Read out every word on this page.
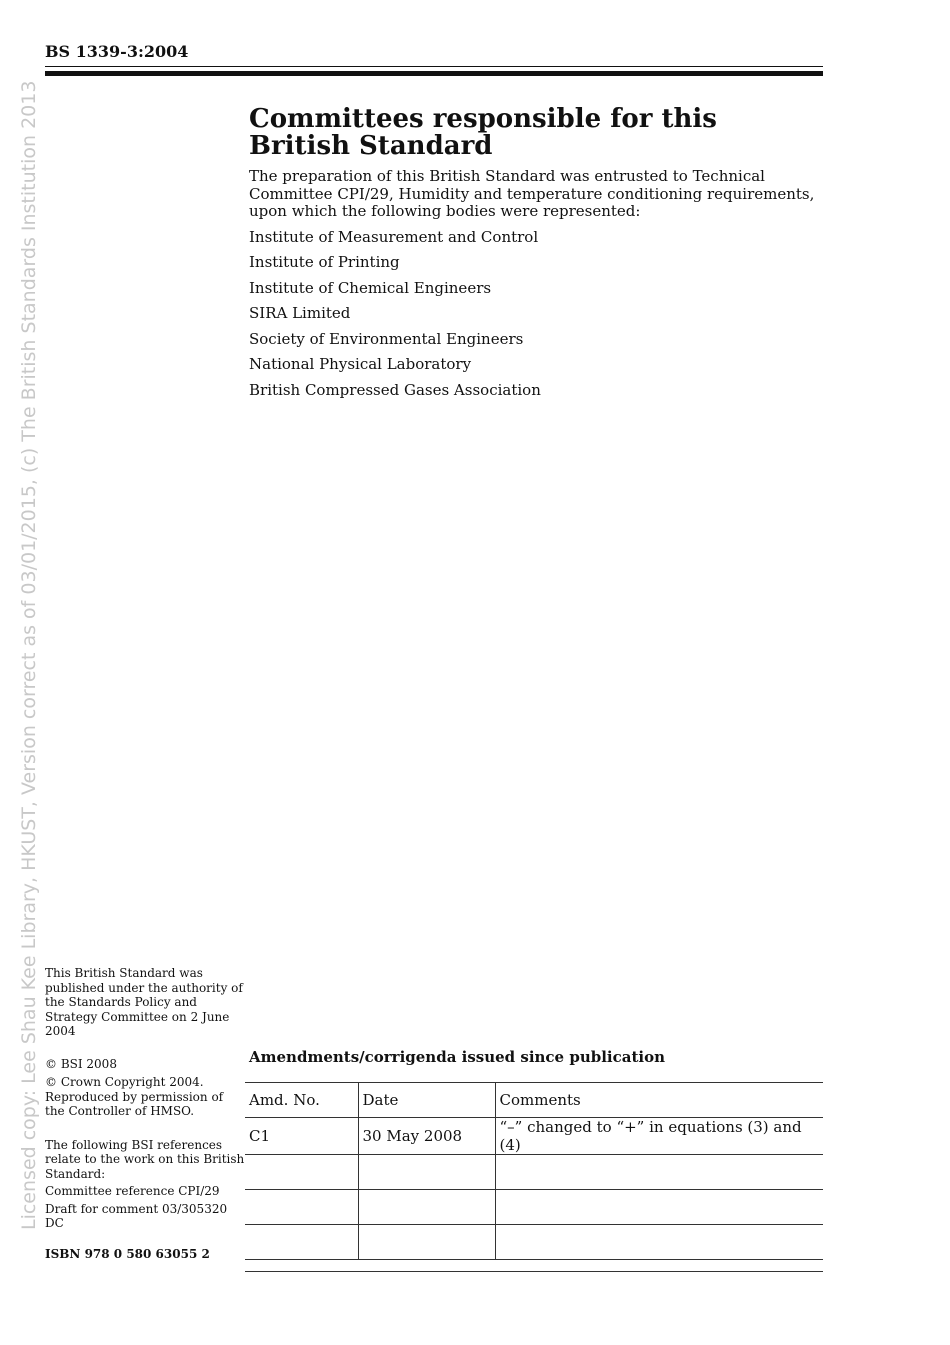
BS 1339-3:2004
Licensed copy: Lee Shau Kee Library, HKUST, Version correct as of 03/01/2015, (c) The British Standards Institution 2013	Committees responsible for this
British Standard

The preparation of this British Standard was entrusted to Technical Committee CPI/29, Humidity and temperature conditioning requirements, upon which the following bodies were represented:

Institute of Measurement and Control

Institute of Printing

Institute of Chemical Engineers

SIRA Limited

Society of Environmental Engineers

National Physical Laboratory

British Compressed Gases Association

This British Standard was published under the authority of the Standards Policy and Strategy Committee on 2 June 2004

© BSI 2008

© Crown Copyright 2004. Reproduced by permission of the Controller of HMSO.

The following BSI references relate to the work on this British Standard:

Committee reference CPI/29

Draft for comment 03/305320 DC

ISBN 978 0 580 63055 2
Amendments/corrigenda issued since publication
Amd. No.	Date	Comments
C1	30 May 2008	“–” changed to “+” in equations (3) and (4)
